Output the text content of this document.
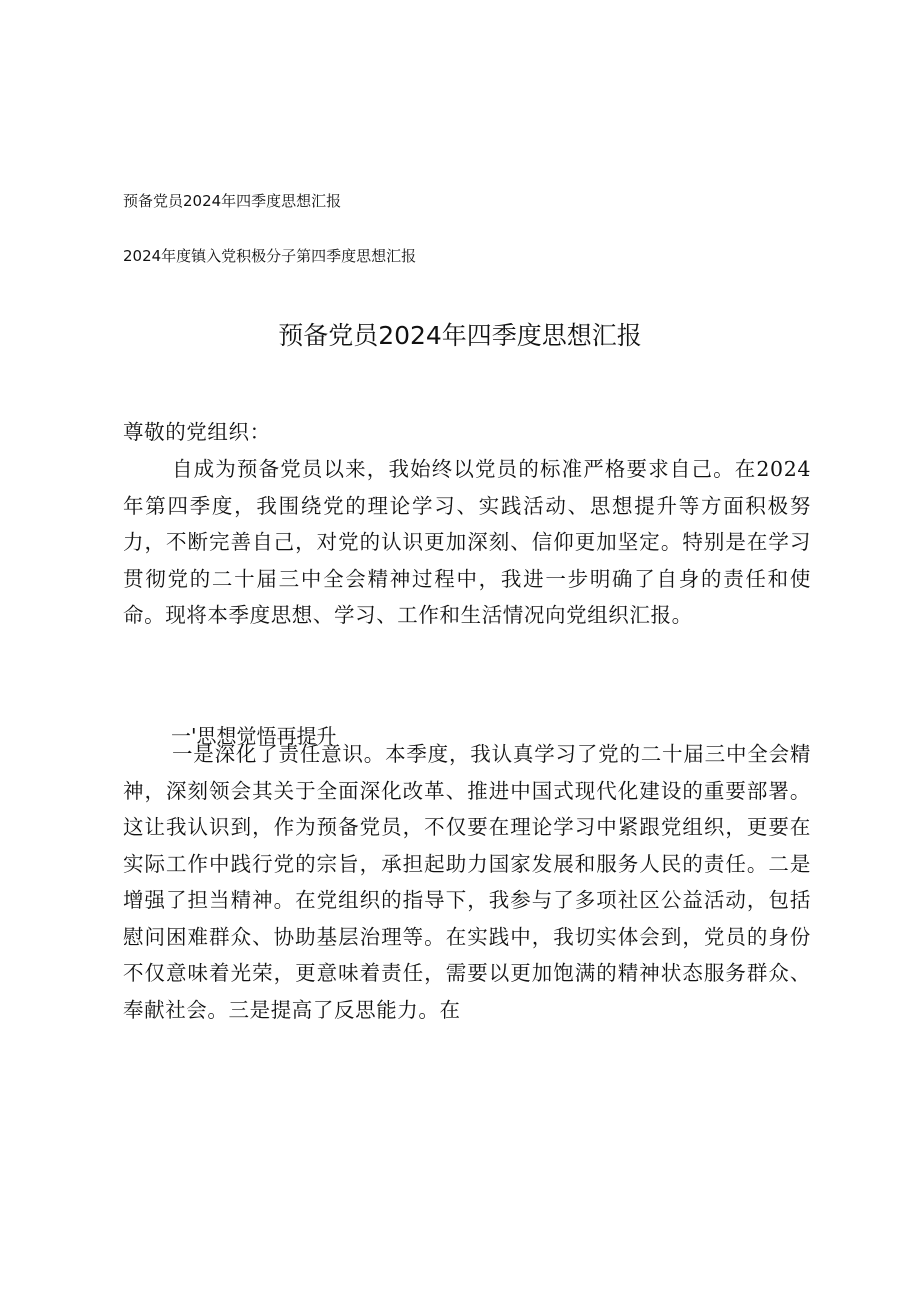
预备党员2024年四季度思想汇报
2024年度镇入党积极分子第四季度思想汇报
预备党员2024年四季度思想汇报
尊敬的党组织：
自成为预备党员以来，我始终以党员的标准严格要求自己。在2024年第四季度，我围绕党的理论学习、实践活动、思想提升等方面积极努力，不断完善自己，对党的认识更加深刻、信仰更加坚定。特别是在学习贯彻党的二十届三中全会精神过程中，我进一步明确了自身的责任和使命。现将本季度思想、学习、工作和生活情况向党组织汇报。
一'思想觉悟再提升
一是深化了责任意识。本季度，我认真学习了党的二十届三中全会精神，深刻领会其关于全面深化改革、推进中国式现代化建设的重要部署。这让我认识到，作为预备党员，不仅要在理论学习中紧跟党组织，更要在实际工作中践行党的宗旨，承担起助力国家发展和服务人民的责任。二是增强了担当精神。在党组织的指导下，我参与了多项社区公益活动，包括慰问困难群众、协助基层治理等。在实践中，我切实体会到，党员的身份不仅意味着光荣，更意味着责任，需要以更加饱满的精神状态服务群众、奉献社会。三是提高了反思能力。在
